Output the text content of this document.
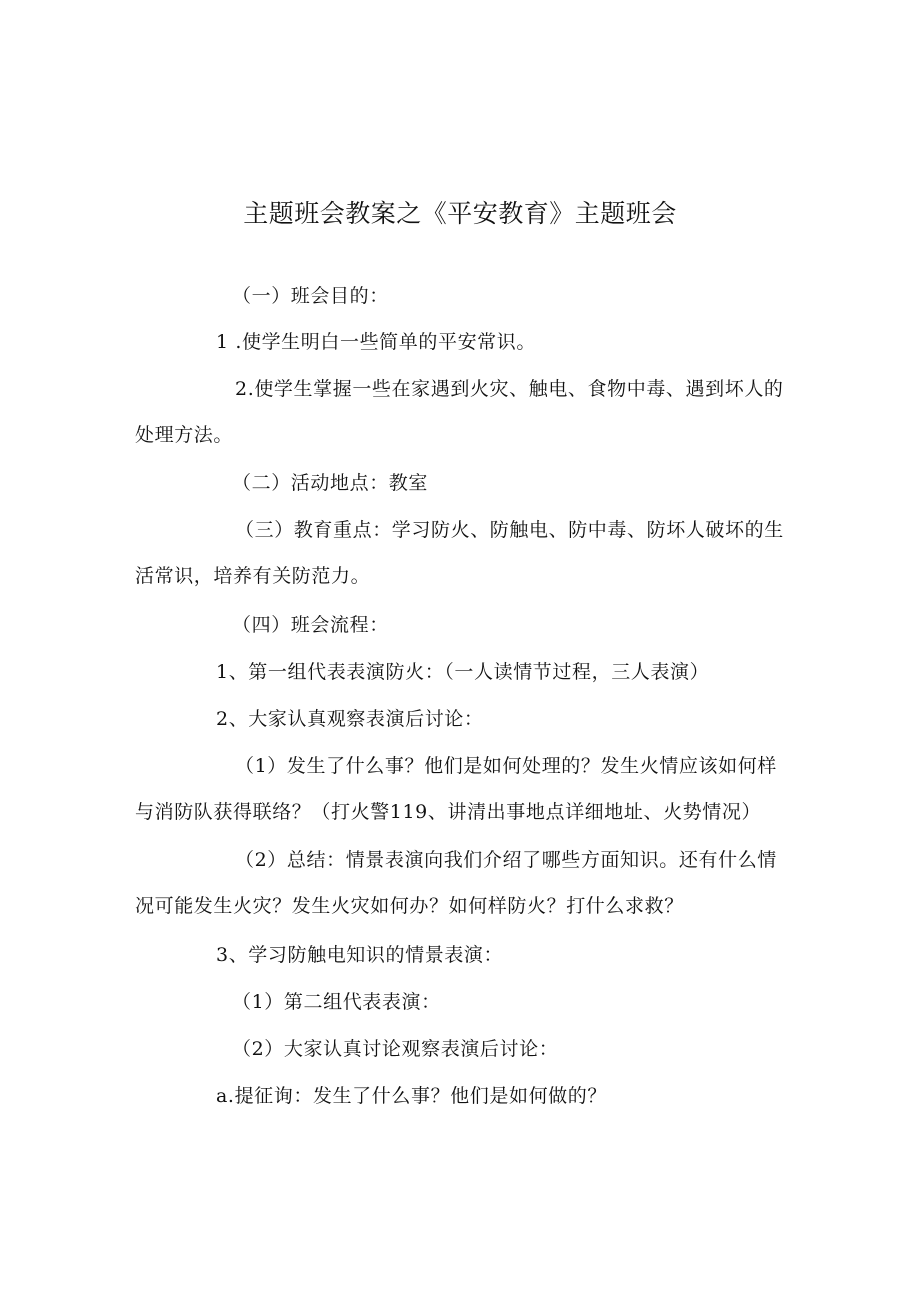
主题班会教案之《平安教育》主题班会
（一）班会目的：
1 .使学生明白一些简单的平安常识。
2.使学生掌握一些在家遇到火灾、触电、食物中毒、遇到坏人的
处理方法。
（二）活动地点：教室
（三）教育重点：学习防火、防触电、防中毒、防坏人破坏的生
活常识，培养有关防范力。
（四）班会流程：
1、第一组代表表演防火：（一人读情节过程，三人表演）
2、大家认真观察表演后讨论：
（1）发生了什么事？他们是如何处理的？发生火情应该如何样
与消防队获得联络？（打火警119、讲清出事地点详细地址、火势情况）
（2）总结：情景表演向我们介绍了哪些方面知识。还有什么情
况可能发生火灾？发生火灾如何办？如何样防火？打什么求救？
3、学习防触电知识的情景表演：
（1）第二组代表表演：
（2）大家认真讨论观察表演后讨论：
a.提征询：发生了什么事？他们是如何做的？
